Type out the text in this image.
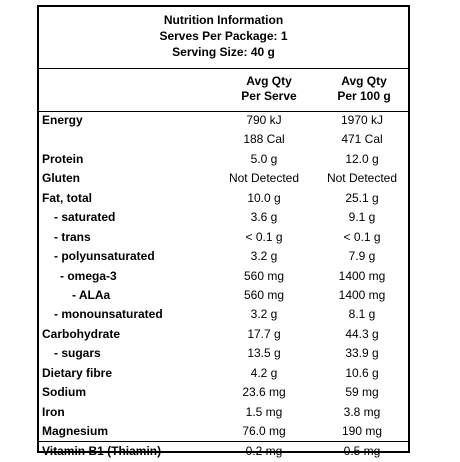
Nutrition Information
Serves Per Package: 1
Serving Size: 40 g
Avg Qty
Per Serve
Avg Qty
Per 100 g
Energy	790 kJ	1970 kJ
188 Cal	471 Cal
Protein	5.0 g	12.0 g
Gluten	Not Detected	Not Detected
Fat, total	10.0 g	25.1 g
- saturated	3.6 g	9.1 g
- trans	< 0.1 g	< 0.1 g
- polyunsaturated	3.2 g	7.9 g
- omega-3	560 mg	1400 mg
- ALAa	560 mg	1400 mg
- monounsaturated	3.2 g	8.1 g
Carbohydrate	17.7 g	44.3 g
- sugars	13.5 g	33.9 g
Dietary fibre	4.2 g	10.6 g
Sodium	23.6 mg	59 mg
Iron	1.5 mg	3.8 mg
Magnesium	76.0 mg	190 mg
Vitamin B1 (Thiamin)	0.2 mg	0.5 mg
